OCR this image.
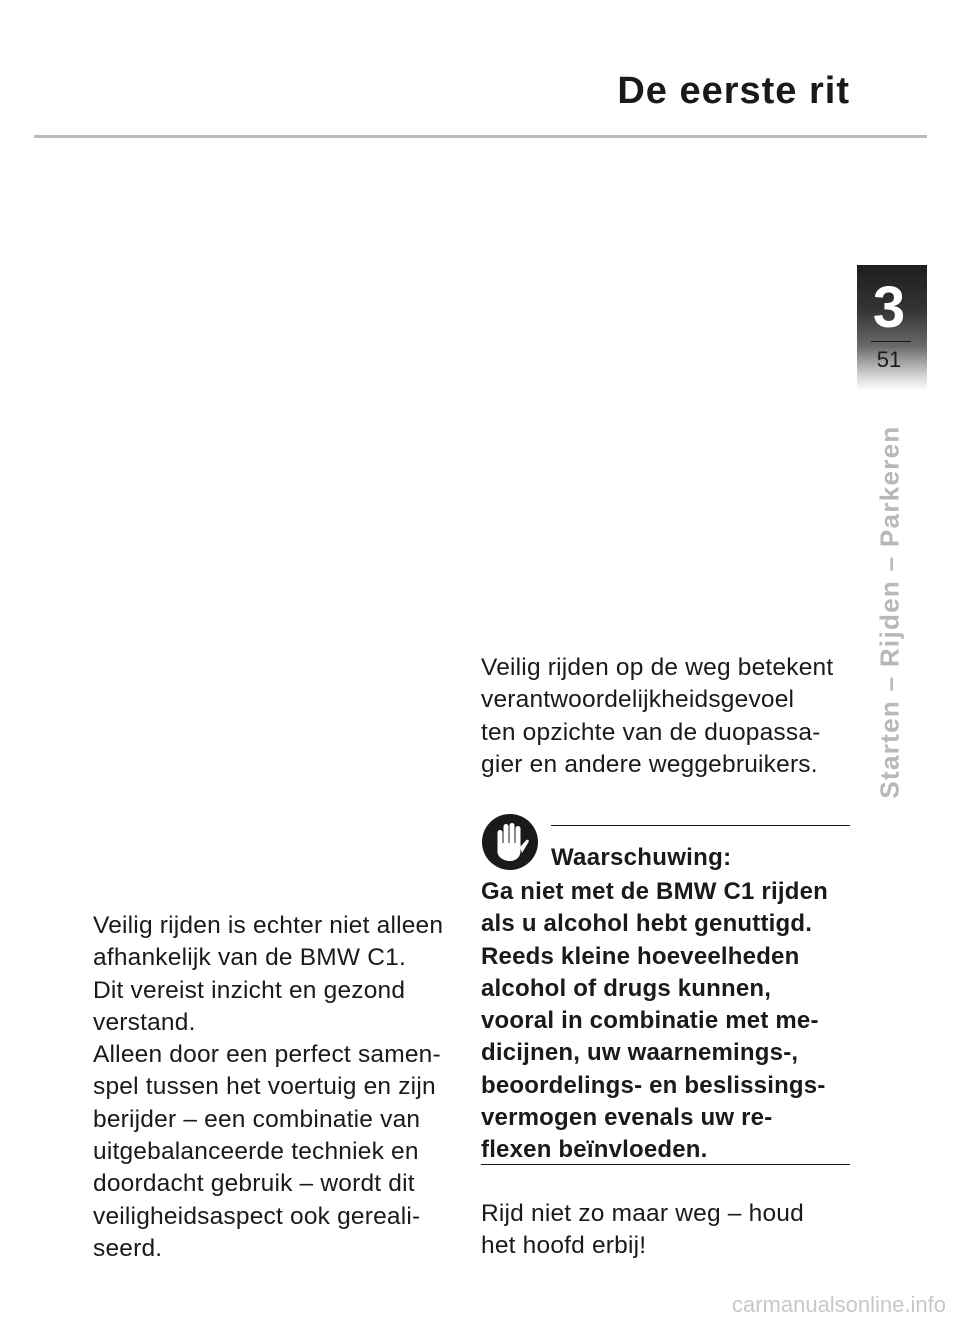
De eerste rit
3
51
Starten – Rijden – Parkeren

Veilig rijden is echter niet alleen

afhankelijk van de BMW C1.

Dit vereist inzicht en gezond

verstand.

Alleen door een perfect samen-

spel tussen het voertuig en zijn

berijder – een combinatie van

uitgebalanceerde techniek en

doordacht gebruik – wordt dit

veiligheidsaspect ook gereali-

seerd.

Veilig rijden op de weg betekent

verantwoordelijkheidsgevoel

ten opzichte van de duopassa-

gier en andere weggebruikers.

Waarschuwing:

Ga niet met de BMW C1 rijden

als u alcohol hebt genuttigd.

Reeds kleine hoeveelheden

alcohol of drugs kunnen,

vooral in combinatie met me-

dicijnen, uw waarnemings-,

beoordelings- en beslissings-

vermogen evenals uw re-

flexen beïnvloeden.

Rijd niet zo maar weg – houd

het hoofd erbij!

carmanualsonline.info
